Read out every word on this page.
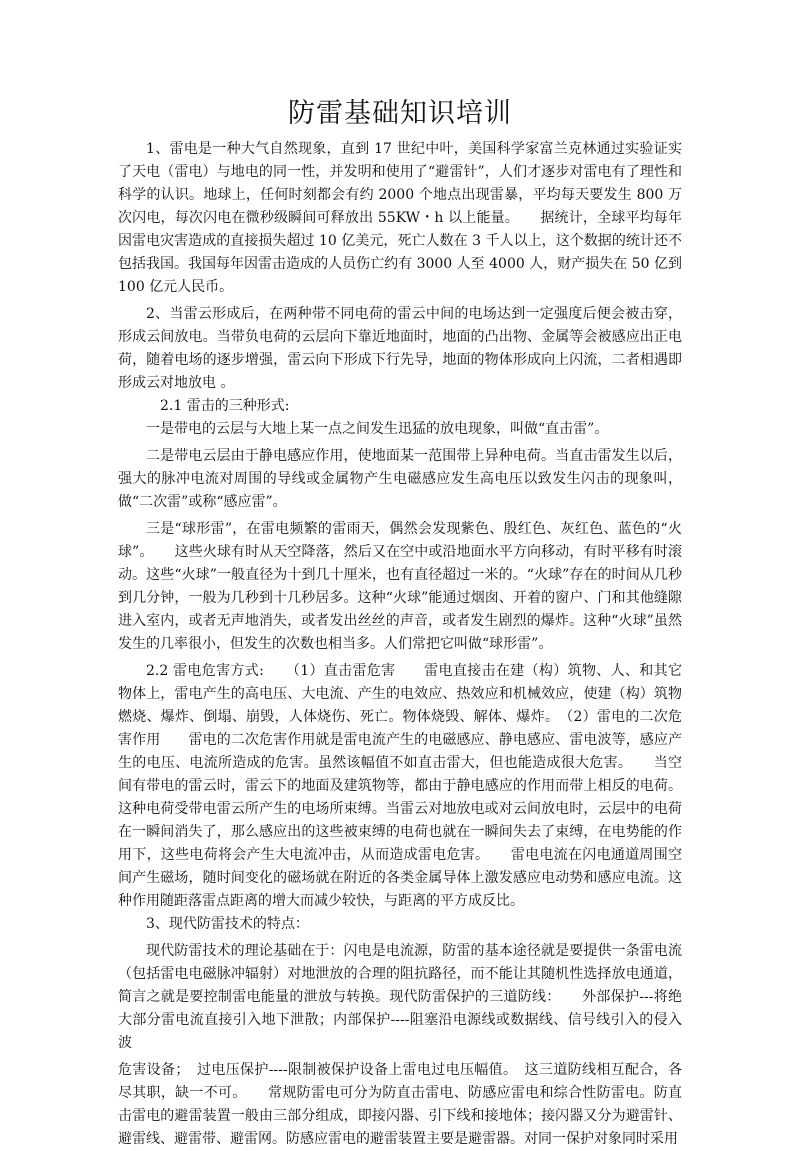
防雷基础知识培训

1、雷电是一种大气自然现象，直到 17 世纪中叶，美国科学家富兰克林通过实验证实了天电（雷电）与地电的同一性，并发明和使用了“避雷针”，人们才逐步对雷电有了理性和科学的认识。地球上，任何时刻都会有约 2000 个地点出现雷暴，平均每天要发生 800 万次闪电，每次闪电在微秒级瞬间可释放出 55KW・h 以上能量。　　据统计，全球平均每年因雷电灾害造成的直接损失超过 10 亿美元，死亡人数在 3 千人以上，这个数据的统计还不包括我国。我国每年因雷击造成的人员伤亡约有 3000 人至 4000 人，财产损失在 50 亿到 100 亿元人民币。

2、当雷云形成后，在两种带不同电荷的雷云中间的电场达到一定强度后便会被击穿，形成云间放电。当带负电荷的云层向下靠近地面时，地面的凸出物、金属等会被感应出正电荷，随着电场的逐步增强，雷云向下形成下行先导，地面的物体形成向上闪流，二者相遇即形成云对地放电 。

2.1 雷击的三种形式:

一是带电的云层与大地上某一点之间发生迅猛的放电现象，叫做“直击雷”。

二是带电云层由于静电感应作用，使地面某一范围带上异种电荷。当直击雷发生以后，强大的脉冲电流对周围的导线或金属物产生电磁感应发生高电压以致发生闪击的现象叫，做“二次雷”或称“感应雷”。

三是“球形雷”，在雷电频繁的雷雨天，偶然会发现紫色、殷红色、灰红色、蓝色的“火球”。　　这些火球有时从天空降落，然后又在空中或沿地面水平方向移动，有时平移有时滚动。这些“火球”一般直径为十到几十厘米，也有直径超过一米的。“火球”存在的时间从几秒到几分钟，一般为几秒到十几秒居多。这种“火球”能通过烟囱、开着的窗户、门和其他缝隙进入室内，或者无声地消失，或者发出丝丝的声音，或者发生剧烈的爆炸。这种“火球”虽然发生的几率很小，但发生的次数也相当多。人们常把它叫做“球形雷”。

2.2 雷电危害方式:　　（1）直击雷危害　　雷电直接击在建（构）筑物、人、和其它物体上，雷电产生的高电压、大电流、产生的电效应、热效应和机械效应，使建（构）筑物燃烧、爆炸、倒塌、崩毁，人体烧伤、死亡。物体烧毁、解体、爆炸。　（2）雷电的二次危害作用　　雷电的二次危害作用就是雷电流产生的电磁感应、静电感应、雷电波等，感应产生的电压、电流所造成的危害。虽然该幅值不如直击雷大，但也能造成很大危害。　　当空间有带电的雷云时，雷云下的地面及建筑物等，都由于静电感应的作用而带上相反的电荷。这种电荷受带电雷云所产生的电场所束缚。当雷云对地放电或对云间放电时，云层中的电荷在一瞬间消失了，那么感应出的这些被束缚的电荷也就在一瞬间失去了束缚，在电势能的作用下，这些电荷将会产生大电流冲击，从而造成雷电危害。　　雷电电流在闪电通道周围空间产生磁场，随时间变化的磁场就在附近的各类金属导体上激发感应电动势和感应电流。这种作用随距落雷点距离的增大而减少较快，与距离的平方成反比。

3、现代防雷技术的特点：

现代防雷技术的理论基础在于：闪电是电流源，防雷的基本途径就是要提供一条雷电流（包括雷电电磁脉冲辐射）对地泄放的合理的阻抗路径，而不能让其随机性选择放电通道，简言之就是要控制雷电能量的泄放与转换。现代防雷保护的三道防线：　　外部保护---将绝大部分雷电流直接引入地下泄散；内部保护----阻塞沿电源线或数据线、信号线引入的侵入波

危害设备；　过电压保护----限制被保护设备上雷电过电压幅值。　这三道防线相互配合，各尽其职，缺一不可。　　常规防雷电可分为防直击雷电、防感应雷电和综合性防雷电。防直击雷电的避雷装置一般由三部分组成，即接闪器、引下线和接地体；接闪器又分为避雷针、避雷线、避雷带、避雷网。防感应雷电的避雷装置主要是避雷器。对同一保护对象同时采用
